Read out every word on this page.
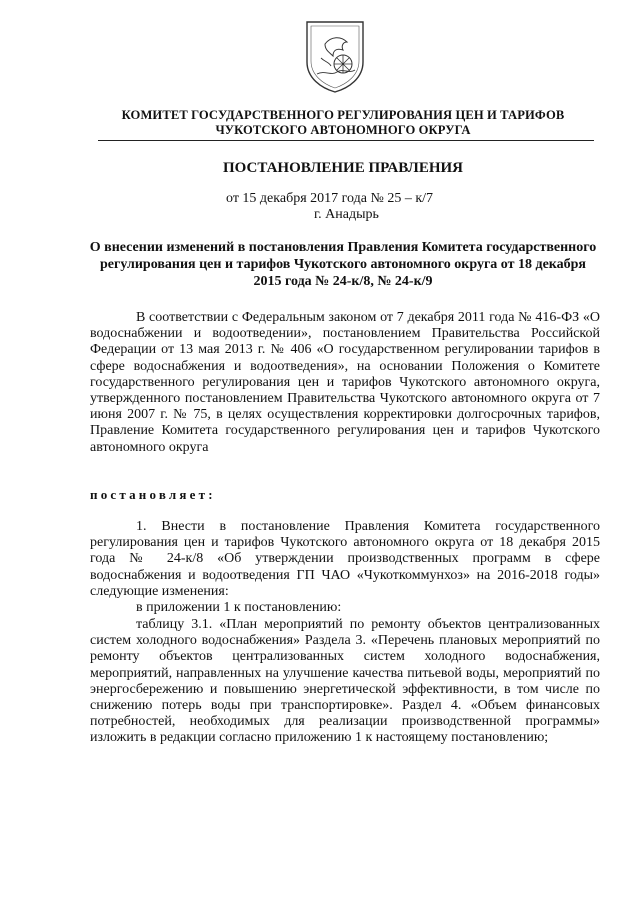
КОМИТЕТ ГОСУДАРСТВЕННОГО РЕГУЛИРОВАНИЯ ЦЕН И ТАРИФОВ
ЧУКОТСКОГО АВТОНОМНОГО ОКРУГА
ПОСТАНОВЛЕНИЕ ПРАВЛЕНИЯ
от 15 декабря 2017 года № 25 – к/7
г. Анадырь
О внесении изменений в постановления Правления Комитета государственного регулирования цен и тарифов Чукотского автономного округа от 18 декабря 2015 года № 24-к/8, № 24-к/9

В соответствии с Федеральным законом от 7 декабря 2011 года № 416-ФЗ «О водоснабжении и водоотведении», постановлением Правительства Российской Федерации от 13 мая 2013 г. № 406 «О государственном регулировании тарифов в сфере водоснабжения и водоотведения», на основании Положения о Комитете государственного регулирования цен и тарифов Чукотского автономного округа, утвержденного постановлением Правительства Чукотского автономного округа от 7 июня 2007 г. № 75, в целях осуществления корректировки долгосрочных тарифов, Правление Комитета государственного регулирования цен и тарифов Чукотского автономного округа

постановляет:

1. Внести в постановление Правления Комитета государственного регулирования цен и тарифов Чукотского автономного округа от 18 декабря 2015 года № 24-к/8 «Об утверждении производственных программ в сфере водоснабжения и водоотведения ГП ЧАО «Чукоткоммунхоз» на 2016-2018 годы» следующие изменения:

в приложении 1 к постановлению:

таблицу 3.1. «План мероприятий по ремонту объектов централизованных систем холодного водоснабжения» Раздела 3. «Перечень плановых мероприятий по ремонту объектов централизованных систем холодного водоснабжения, мероприятий, направленных на улучшение качества питьевой воды, мероприятий по энергосбережению и повышению энергетической эффективности, в том числе по снижению потерь воды при транспортировке». Раздел 4. «Объем финансовых потребностей, необходимых для реализации производственной программы» изложить в редакции согласно приложению 1 к настоящему постановлению;
